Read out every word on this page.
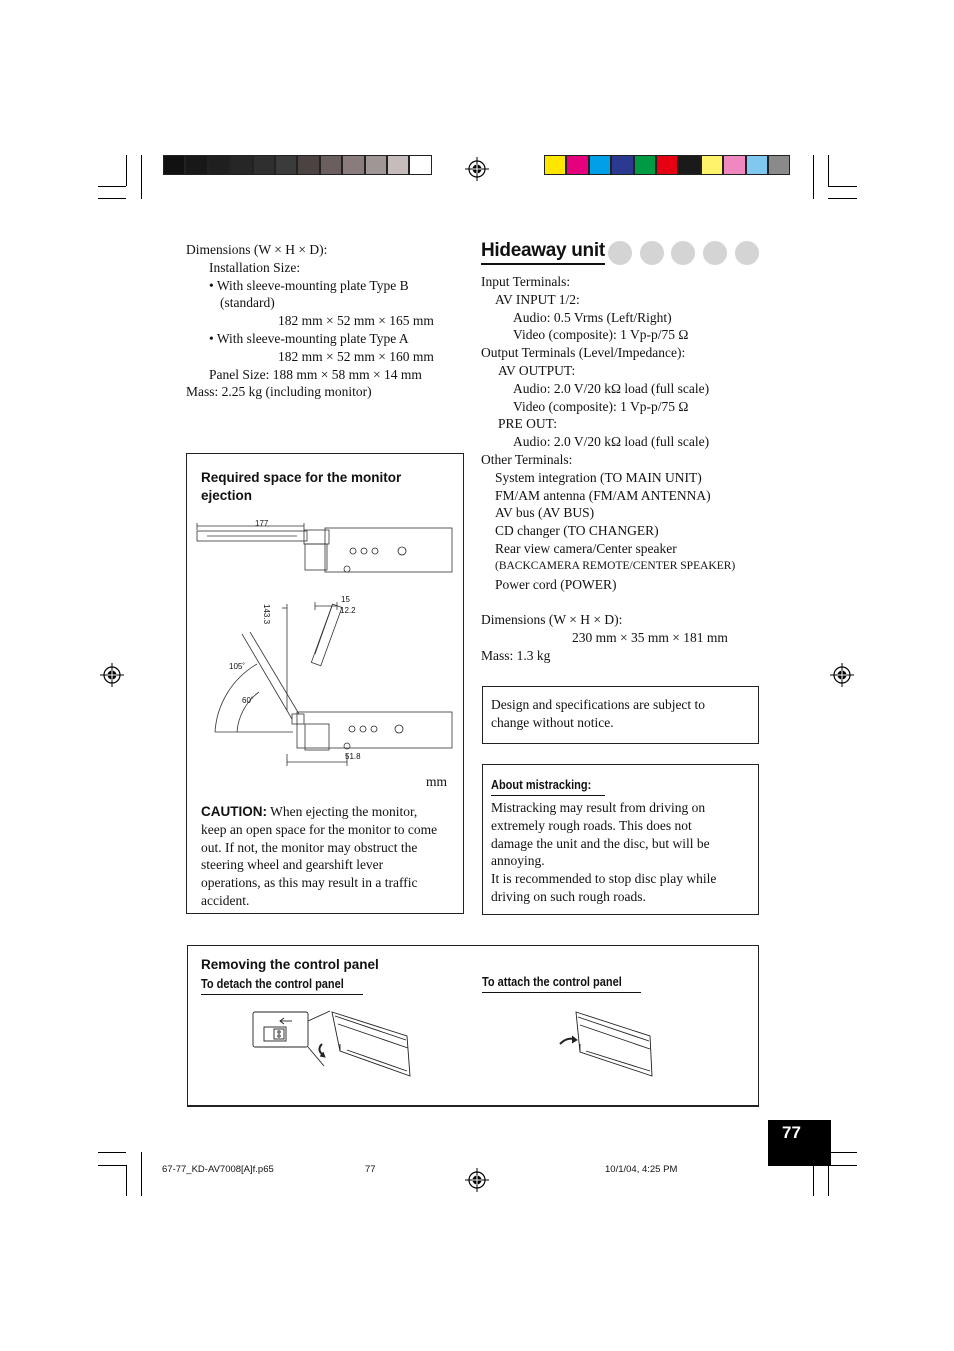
Dimensions (W × H × D):
Installation Size:
• With sleeve-mounting plate Type B
(standard)
182 mm × 52 mm × 165 mm
• With sleeve-mounting plate Type A
182 mm × 52 mm × 160 mm
Panel Size: 188 mm × 58 mm × 14 mm
Mass: 2.25 kg (including monitor)
Required space for the monitor
ejection
177
143.3
15
12.2
105˚
60˚
51.8
mm
CAUTION: When ejecting the monitor,
keep an open space for the monitor to come
out. If not, the monitor may obstruct the
steering wheel and gearshift lever
operations, as this may result in a traffic
accident.
Hideaway unit
Input Terminals:
AV INPUT 1/2:
Audio: 0.5 Vrms (Left/Right)
Video (composite): 1 Vp-p/75 Ω
Output Terminals (Level/Impedance):
AV OUTPUT:
Audio: 2.0 V/20 kΩ load (full scale)
Video (composite): 1 Vp-p/75 Ω
PRE OUT:
Audio: 2.0 V/20 kΩ load (full scale)
Other Terminals:
System integration (TO MAIN UNIT)
FM/AM antenna (FM/AM ANTENNA)
AV bus (AV BUS)
CD changer (TO CHANGER)
Rear view camera/Center speaker
(BACKCAMERA REMOTE/CENTER SPEAKER)
Power cord (POWER)
Dimensions (W × H × D):
230 mm × 35 mm × 181 mm
Mass: 1.3 kg
Design and specifications are subject to
change without notice.
About mistracking:
Mistracking may result from driving on
extremely rough roads. This does not
damage the unit and the disc, but will be
annoying.
It is recommended to stop disc play while
driving on such rough roads.
Removing the control panel
To detach the control panel	To attach the control panel
77
67-77_KD-AV7008[A]f.p65	77	10/1/04, 4:25 PM
